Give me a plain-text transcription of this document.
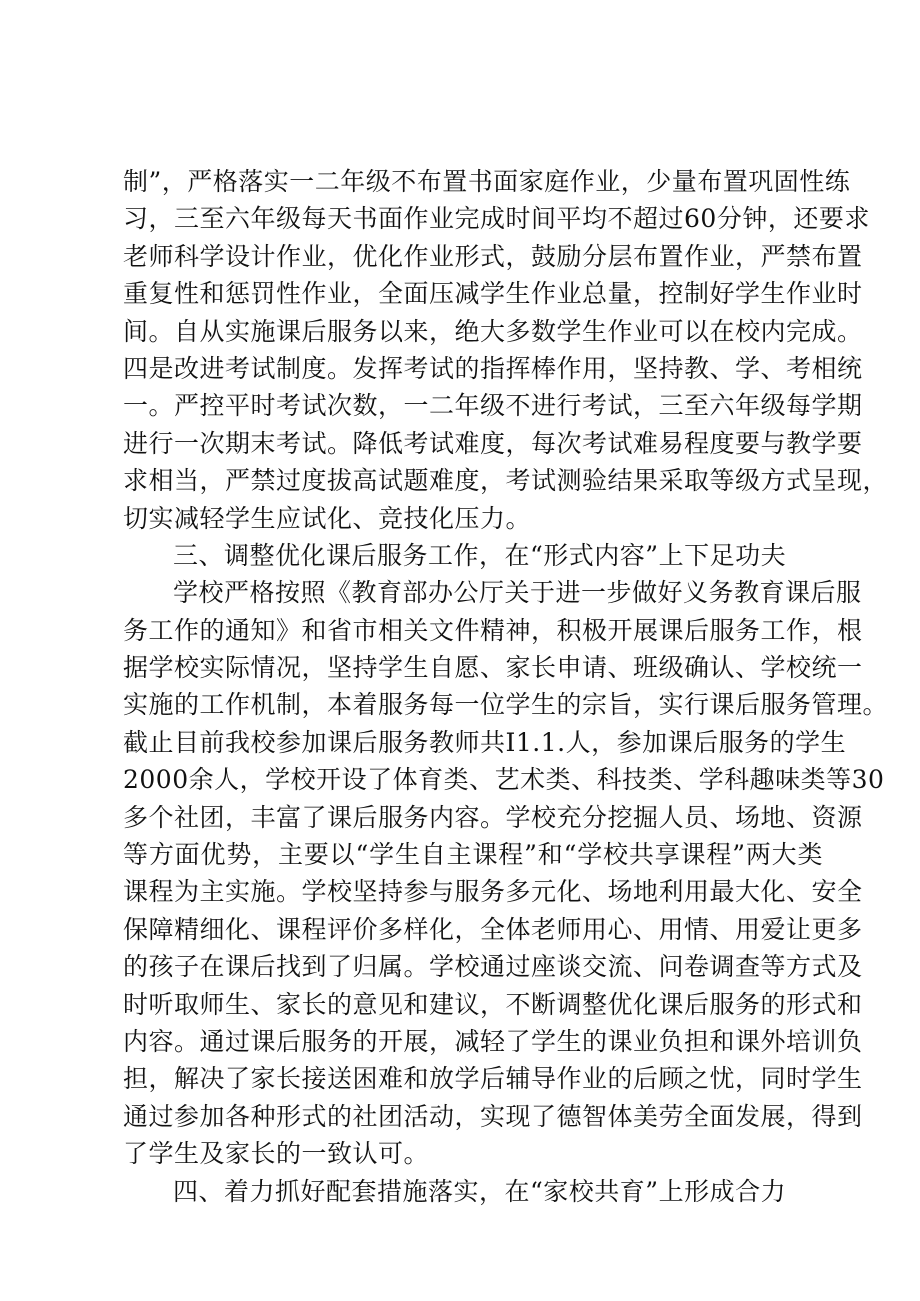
制”，严格落实一二年级不布置书面家庭作业，少量布置巩固性练
习，三至六年级每天书面作业完成时间平均不超过60分钟，还要求
老师科学设计作业，优化作业形式，鼓励分层布置作业，严禁布置
重复性和惩罚性作业，全面压减学生作业总量，控制好学生作业时
间。自从实施课后服务以来，绝大多数学生作业可以在校内完成。
四是改进考试制度。发挥考试的指挥棒作用，坚持教、学、考相统
一。严控平时考试次数，一二年级不进行考试，三至六年级每学期
进行一次期末考试。降低考试难度，每次考试难易程度要与教学要
求相当，严禁过度拔高试题难度，考试测验结果采取等级方式呈现，
切实减轻学生应试化、竞技化压力。
三、调整优化课后服务工作，在“形式内容”上下足功夫
学校严格按照《教育部办公厅关于进一步做好义务教育课后服
务工作的通知》和省市相关文件精神，积极开展课后服务工作，根
据学校实际情况，坚持学生自愿、家长申请、班级确认、学校统一
实施的工作机制，本着服务每一位学生的宗旨，实行课后服务管理。
截止目前我校参加课后服务教师共I1.1.人，参加课后服务的学生
2000余人，学校开设了体育类、艺术类、科技类、学科趣味类等30
多个社团，丰富了课后服务内容。学校充分挖掘人员、场地、资源
等方面优势，主要以“学生自主课程”和“学校共享课程”两大类
课程为主实施。学校坚持参与服务多元化、场地利用最大化、安全
保障精细化、课程评价多样化，全体老师用心、用情、用爱让更多
的孩子在课后找到了归属。学校通过座谈交流、问卷调查等方式及
时听取师生、家长的意见和建议，不断调整优化课后服务的形式和
内容。通过课后服务的开展，减轻了学生的课业负担和课外培训负
担，解决了家长接送困难和放学后辅导作业的后顾之忧，同时学生
通过参加各种形式的社团活动，实现了德智体美劳全面发展，得到
了学生及家长的一致认可。
四、着力抓好配套措施落实，在“家校共育”上形成合力
